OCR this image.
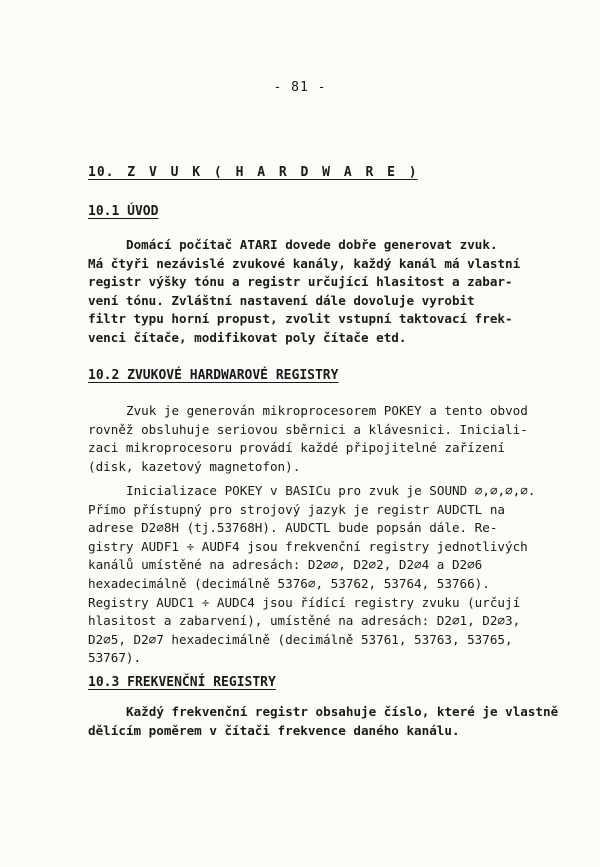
- 81 -
10. Z V U K ( H A R D W A R E )
10.1 ÚVOD
Domácí počítač ATARI dovede dobře generovat zvuk.
Má čtyři nezávislé zvukové kanály, každý kanál má vlastní
registr výšky tónu a registr určující hlasitost a zabar-
vení tónu. Zvláštní nastavení dále dovoluje vyrobit
filtr typu horní propust, zvolit vstupní taktovací frek-
venci čítače, modifikovat poly čítače etd.
10.2 ZVUKOVÉ HARDWAROVÉ REGISTRY
Zvuk je generován mikroprocesorem POKEY a tento obvod
rovněž obsluhuje seriovou sběrnici a klávesnici. Iniciali-
zaci mikroprocesoru provádí každé připojitelné zařízení
(disk, kazetový magnetofon).
Inicializace POKEY v BASICu pro zvuk je SOUND ∅,∅,∅,∅.
Přímo přístupný pro strojový jazyk je registr AUDCTL na
adrese D2∅8H (tj.53768H). AUDCTL bude popsán dále. Re-
gistry AUDF1 ÷ AUDF4 jsou frekvenční registry jednotlivých
kanálů umístěné na adresách: D2∅∅, D2∅2, D2∅4 a D2∅6
hexadecimálně (decimálně 5376∅, 53762, 53764, 53766).
Registry AUDC1 ÷ AUDC4 jsou řídící registry zvuku (určují
hlasitost a zabarvení), umístěné na adresách: D2∅1, D2∅3,
D2∅5, D2∅7 hexadecimálně (decimálně 53761, 53763, 53765,
53767).
10.3 FREKVENČNÍ REGISTRY
Každý frekvenční registr obsahuje číslo, které je vlastně
dělícím poměrem v čítači frekvence daného kanálu.
